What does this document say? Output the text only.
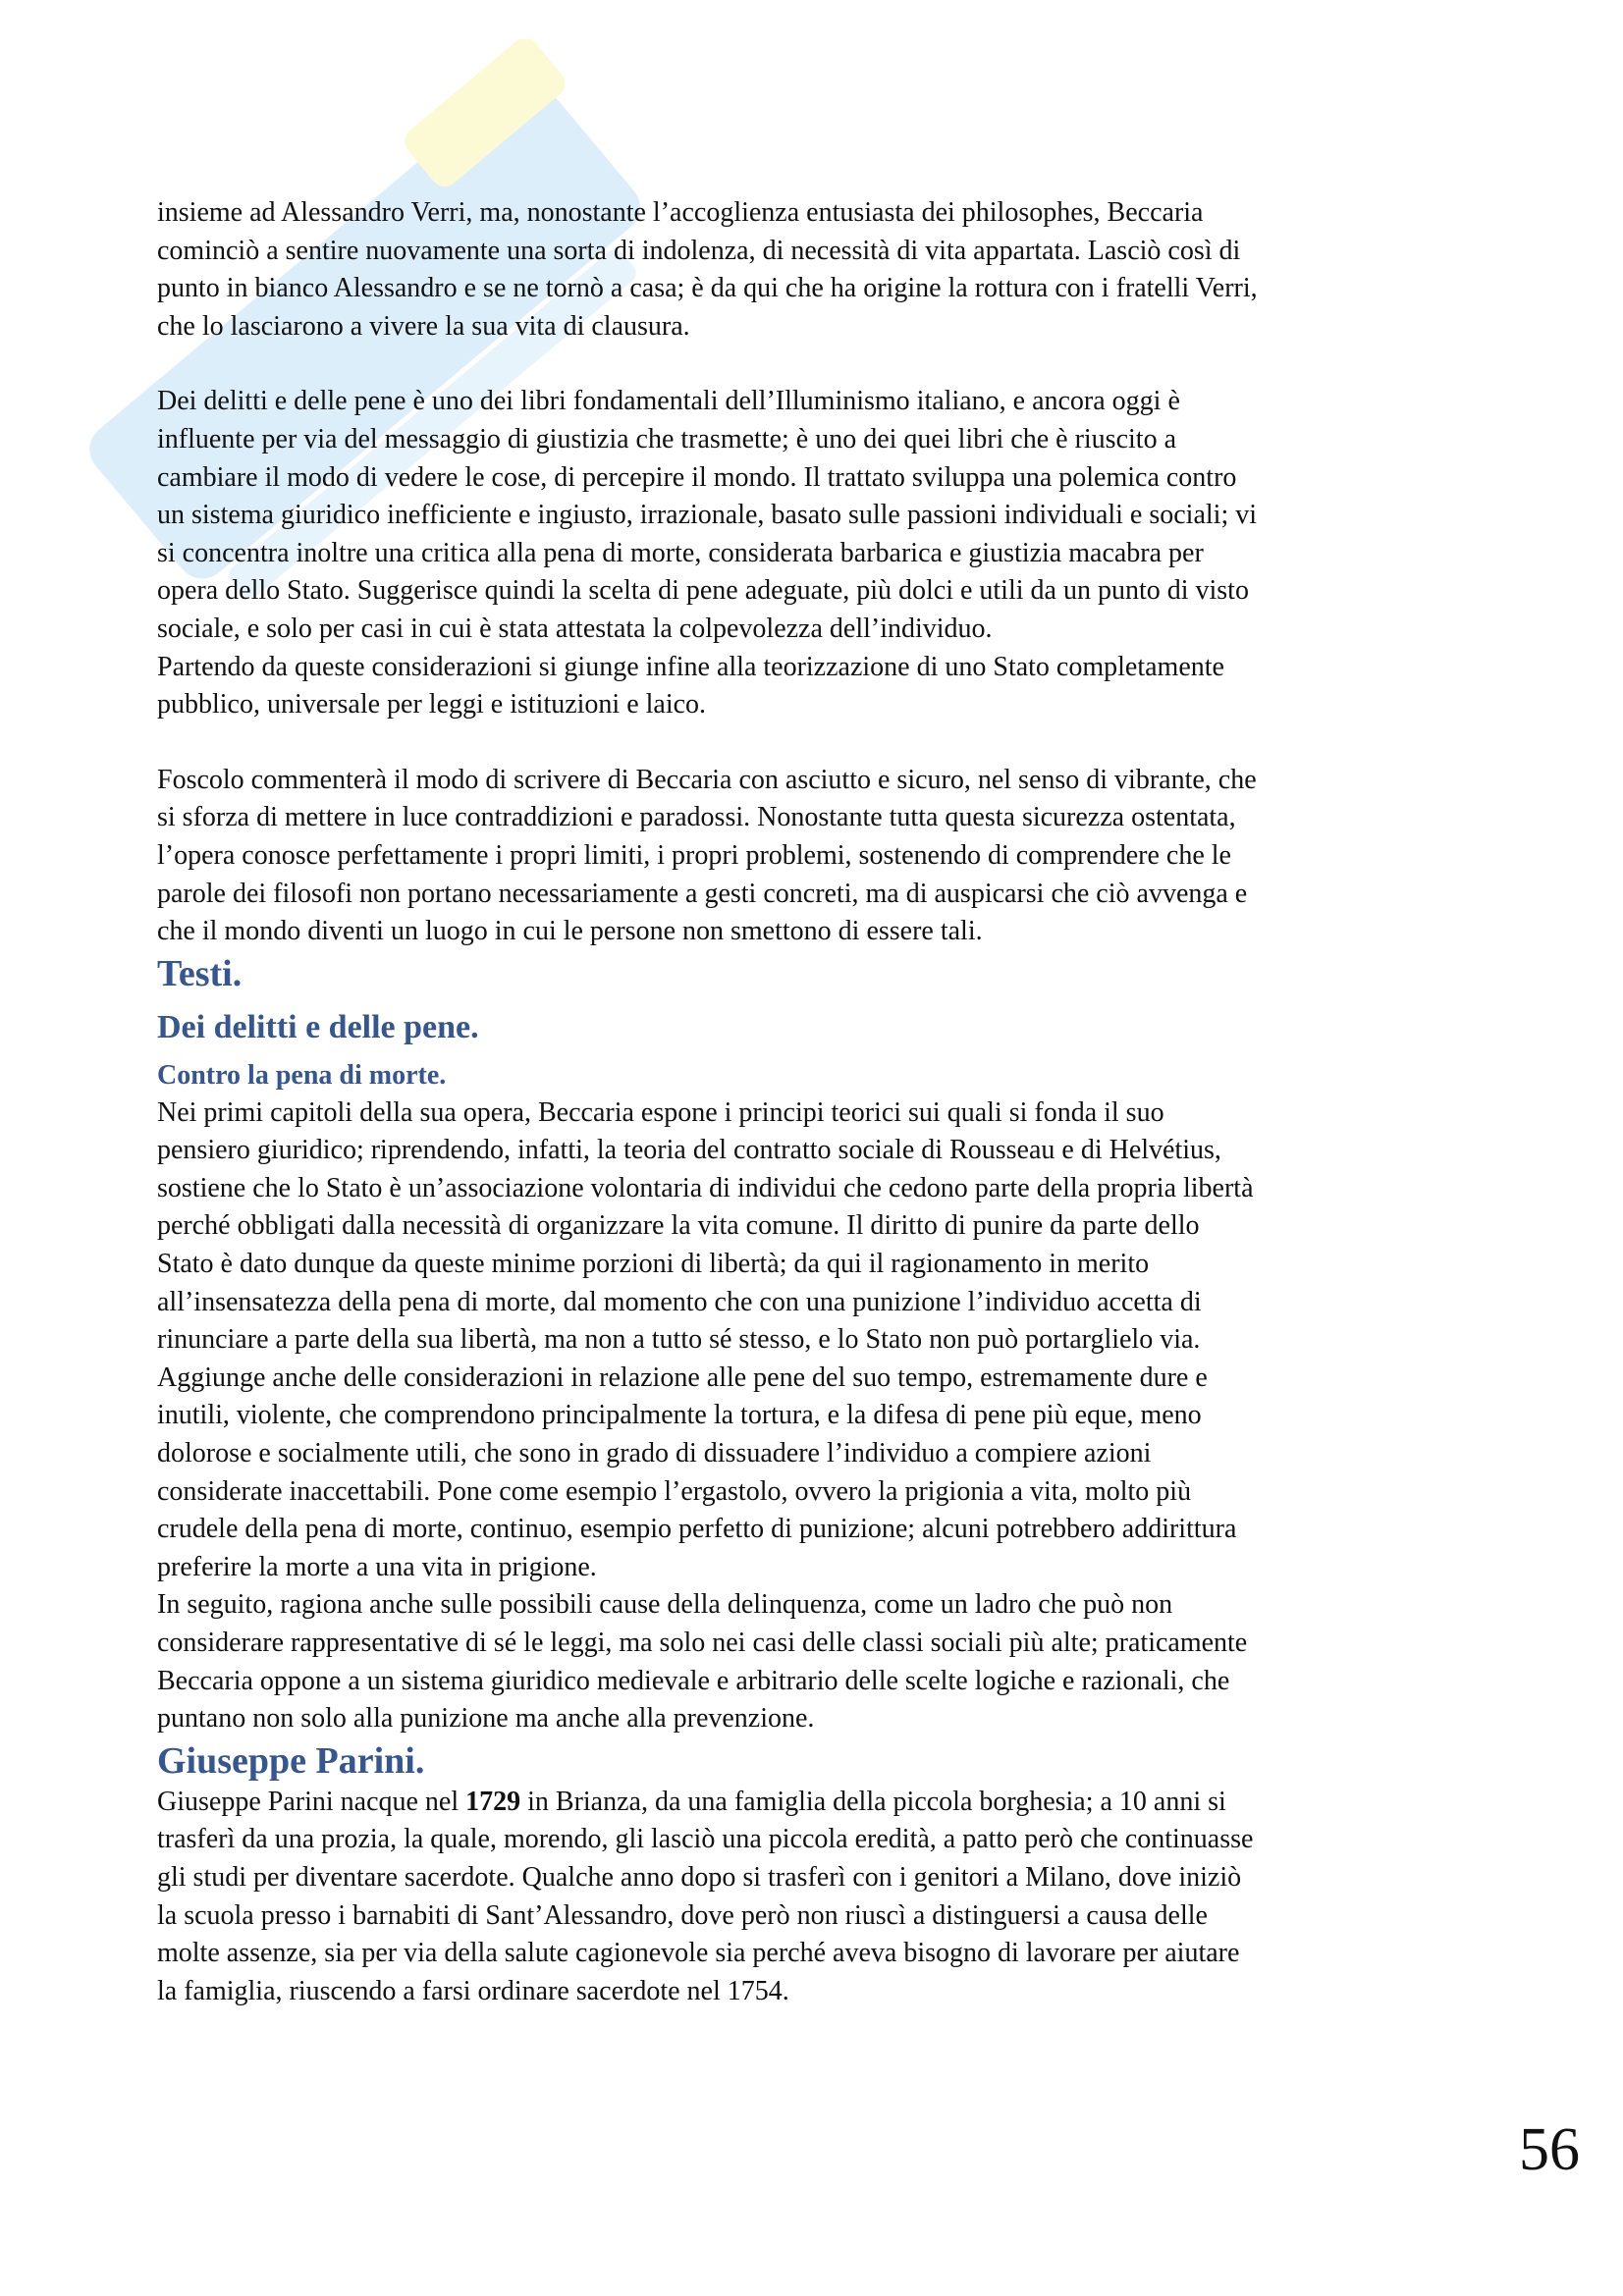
insieme ad Alessandro Verri, ma, nonostante l’accoglienza entusiasta dei philosophes, Beccaria
cominciò a sentire nuovamente una sorta di indolenza, di necessità di vita appartata. Lasciò così di
punto in bianco Alessandro e se ne tornò a casa; è da qui che ha origine la rottura con i fratelli Verri,
che lo lasciarono a vivere la sua vita di clausura.

Dei delitti e delle pene è uno dei libri fondamentali dell’Illuminismo italiano, e ancora oggi è
influente per via del messaggio di giustizia che trasmette; è uno dei quei libri che è riuscito a
cambiare il modo di vedere le cose, di percepire il mondo. Il trattato sviluppa una polemica contro
un sistema giuridico inefficiente e ingiusto, irrazionale, basato sulle passioni individuali e sociali; vi
si concentra inoltre una critica alla pena di morte, considerata barbarica e giustizia macabra per
opera dello Stato. Suggerisce quindi la scelta di pene adeguate, più dolci e utili da un punto di visto
sociale, e solo per casi in cui è stata attestata la colpevolezza dell’individuo.
Partendo da queste considerazioni si giunge infine alla teorizzazione di uno Stato completamente
pubblico, universale per leggi e istituzioni e laico.

Foscolo commenterà il modo di scrivere di Beccaria con asciutto e sicuro, nel senso di vibrante, che
si sforza di mettere in luce contraddizioni e paradossi. Nonostante tutta questa sicurezza ostentata,
l’opera conosce perfettamente i propri limiti, i propri problemi, sostenendo di comprendere che le
parole dei filosofi non portano necessariamente a gesti concreti, ma di auspicarsi che ciò avvenga e
che il mondo diventi un luogo in cui le persone non smettono di essere tali.

Testi.
Dei delitti e delle pene.
Contro la pena di morte.

Nei primi capitoli della sua opera, Beccaria espone i principi teorici sui quali si fonda il suo
pensiero giuridico; riprendendo, infatti, la teoria del contratto sociale di Rousseau e di Helvétius,
sostiene che lo Stato è un’associazione volontaria di individui che cedono parte della propria libertà
perché obbligati dalla necessità di organizzare la vita comune. Il diritto di punire da parte dello
Stato è dato dunque da queste minime porzioni di libertà; da qui il ragionamento in merito
all’insensatezza della pena di morte, dal momento che con una punizione l’individuo accetta di
rinunciare a parte della sua libertà, ma non a tutto sé stesso, e lo Stato non può portarglielo via.
Aggiunge anche delle considerazioni in relazione alle pene del suo tempo, estremamente dure e
inutili, violente, che comprendono principalmente la tortura, e la difesa di pene più eque, meno
dolorose e socialmente utili, che sono in grado di dissuadere l’individuo a compiere azioni
considerate inaccettabili. Pone come esempio l’ergastolo, ovvero la prigionia a vita, molto più
crudele della pena di morte, continuo, esempio perfetto di punizione; alcuni potrebbero addirittura
preferire la morte a una vita in prigione.
In seguito, ragiona anche sulle possibili cause della delinquenza, come un ladro che può non
considerare rappresentative di sé le leggi, ma solo nei casi delle classi sociali più alte; praticamente
Beccaria oppone a un sistema giuridico medievale e arbitrario delle scelte logiche e razionali, che
puntano non solo alla punizione ma anche alla prevenzione.

Giuseppe Parini.

Giuseppe Parini nacque nel 1729 in Brianza, da una famiglia della piccola borghesia; a 10 anni si
trasferì da una prozia, la quale, morendo, gli lasciò una piccola eredità, a patto però che continuasse
gli studi per diventare sacerdote. Qualche anno dopo si trasferì con i genitori a Milano, dove iniziò
la scuola presso i barnabiti di Sant’Alessandro, dove però non riuscì a distinguersi a causa delle
molte assenze, sia per via della salute cagionevole sia perché aveva bisogno di lavorare per aiutare
la famiglia, riuscendo a farsi ordinare sacerdote nel 1754.

56
